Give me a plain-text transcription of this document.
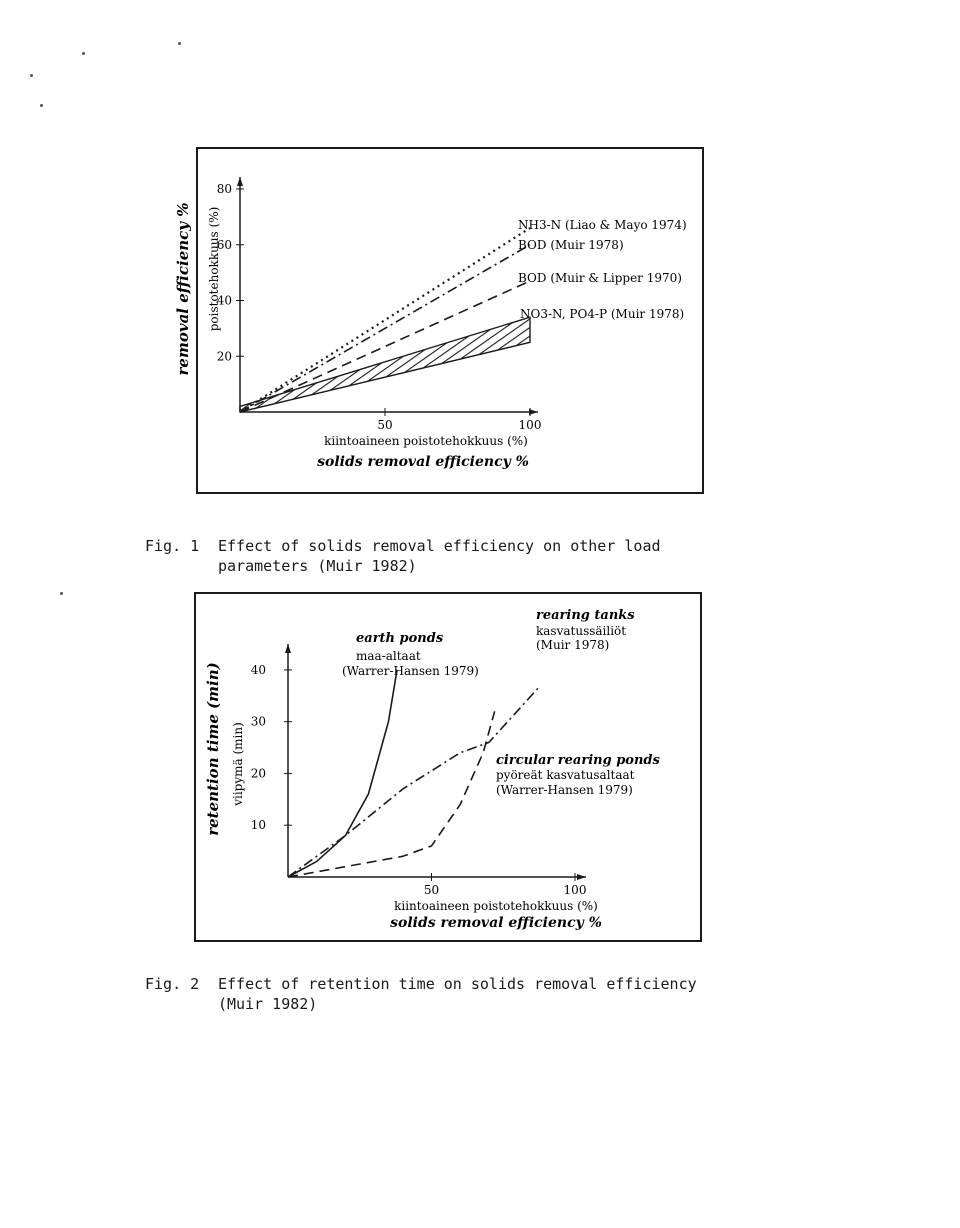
20
40
60
80
50	100
poistotehokkuus (%)
removal efficiency %
kiintoaineen poistotehokkuus (%)
solids removal efficiency %
NH3-N (Liao & Mayo 1974)
BOD (Muir 1978)
BOD (Muir & Lipper 1970)
NO3-N, PO4-P (Muir 1978)
Fig. 1 Effect of solids removal efficiency on other load
parameters (Muir 1982)
10
20
30
40
50	100
viipymä (min)
retention time (min)
kiintoaineen poistotehokkuus (%)
solids removal efficiency %
earth ponds
maa-altaat
(Warrer-Hansen 1979)
rearing tanks
kasvatussäiliöt
(Muir 1978)
circular rearing ponds
pyöreät kasvatusaltaat
(Warrer-Hansen 1979)
Fig. 2 Effect of retention time on solids removal efficiency
(Muir 1982)
